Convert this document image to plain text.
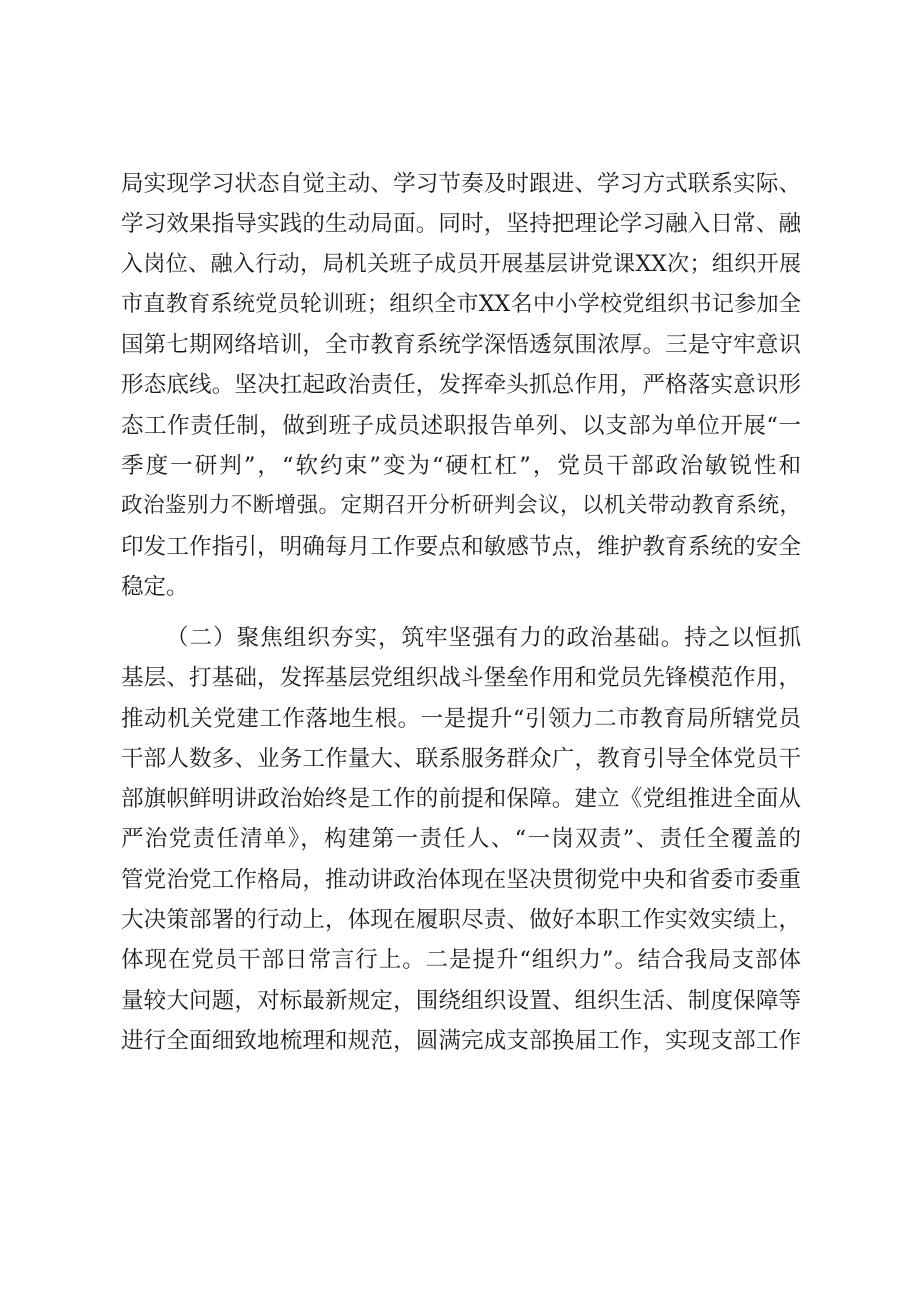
局实现学习状态自觉主动、学习节奏及时跟进、学习方式联系实际、
学习效果指导实践的生动局面。同时，坚持把理论学习融入日常、融
入岗位、融入行动，局机关班子成员开展基层讲党课XX次；组织开展
市直教育系统党员轮训班；组织全市XX名中小学校党组织书记参加全
国第七期网络培训，全市教育系统学深悟透氛围浓厚。三是守牢意识
形态底线。坚决扛起政治责任，发挥牵头抓总作用，严格落实意识形
态工作责任制，做到班子成员述职报告单列、以支部为单位开展“一
季度一研判”，“软约束”变为“硬杠杠”，党员干部政治敏锐性和
政治鉴别力不断增强。定期召开分析研判会议，以机关带动教育系统，
印发工作指引，明确每月工作要点和敏感节点，维护教育系统的安全
稳定。
（二）聚焦组织夯实，筑牢坚强有力的政治基础。持之以恒抓
基层、打基础，发挥基层党组织战斗堡垒作用和党员先锋模范作用，
推动机关党建工作落地生根。一是提升“引领力二市教育局所辖党员
干部人数多、业务工作量大、联系服务群众广，教育引导全体党员干
部旗帜鲜明讲政治始终是工作的前提和保障。建立《党组推进全面从
严治党责任清单》，构建第一责任人、“一岗双责”、责任全覆盖的
管党治党工作格局，推动讲政治体现在坚决贯彻党中央和省委市委重
大决策部署的行动上，体现在履职尽责、做好本职工作实效实绩上，
体现在党员干部日常言行上。二是提升“组织力”。结合我局支部体
量较大问题，对标最新规定，围绕组织设置、组织生活、制度保障等
进行全面细致地梳理和规范，圆满完成支部换届工作，实现支部工作
